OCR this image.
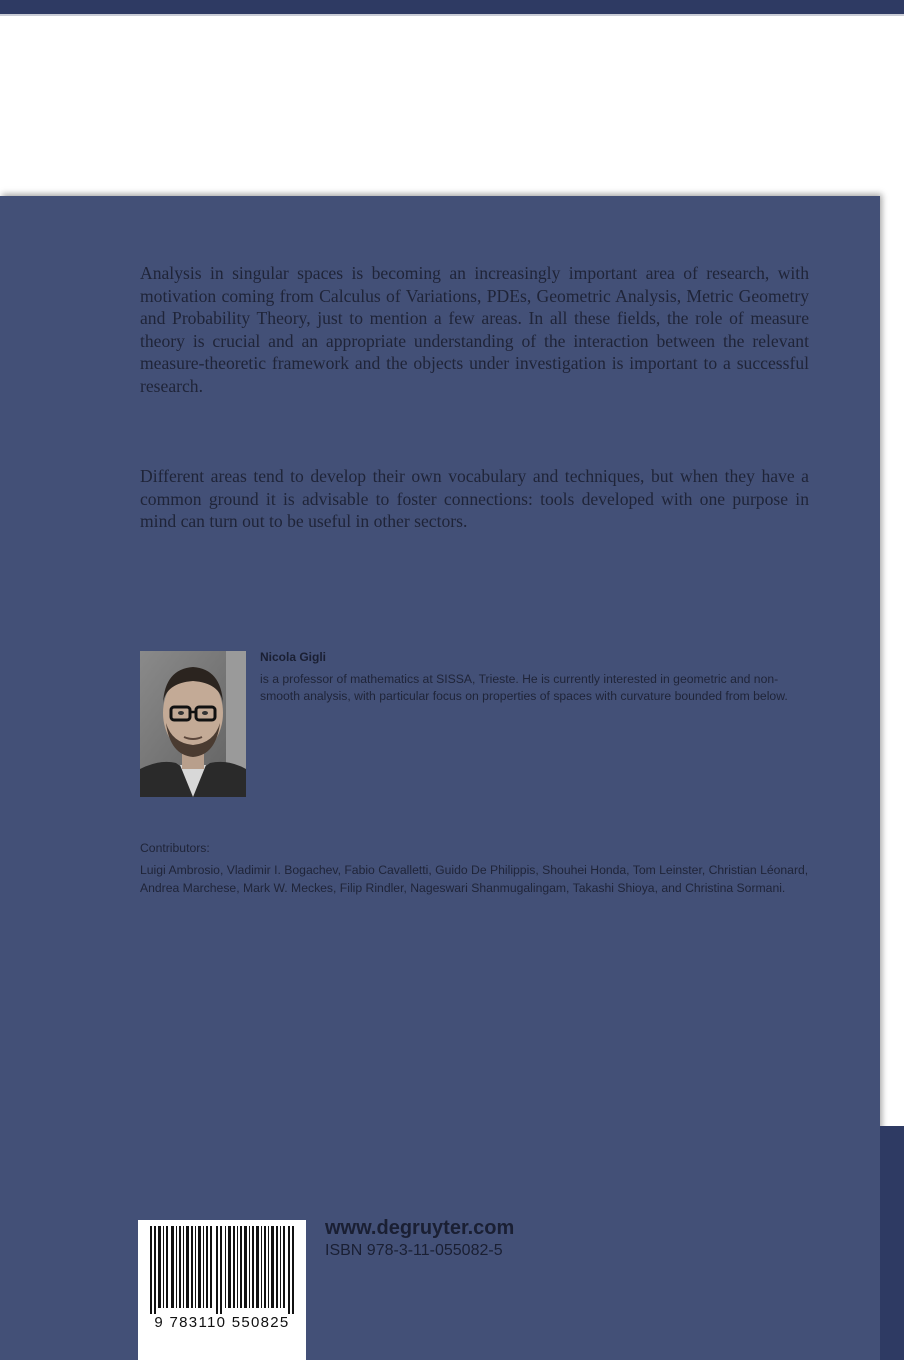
Analysis in singular spaces is becoming an increasingly important area of research, with motivation coming from Calculus of Variations, PDEs, Geometric Analysis, Metric Geometry and Probability Theory, just to mention a few areas. In all these fields, the role of measure theory is crucial and an appropriate understanding of the interaction between the relevant measure-theoretic framework and the objects under investigation is important to a successful research.

Different areas tend to develop their own vocabulary and techniques, but when they have a common ground it is advisable to foster connections: tools developed with one purpose in mind can turn out to be useful in other sectors.

Nicola Gigli

is a professor of mathematics at SISSA, Trieste. He is currently interested in geometric and non-smooth analysis, with particular focus on properties of spaces with curvature bounded from below.

Contributors:

Luigi Ambrosio, Vladimir I. Bogachev, Fabio Cavalletti, Guido De Philippis, Shouhei Honda, Tom Leinster, Christian Léonard, Andrea Marchese, Mark W. Meckes, Filip Rindler, Nageswari Shanmugalingam, Takashi Shioya, and Christina Sormani.

9 783110 550825
www.degruyter.com
ISBN 978-3-11-055082-5
